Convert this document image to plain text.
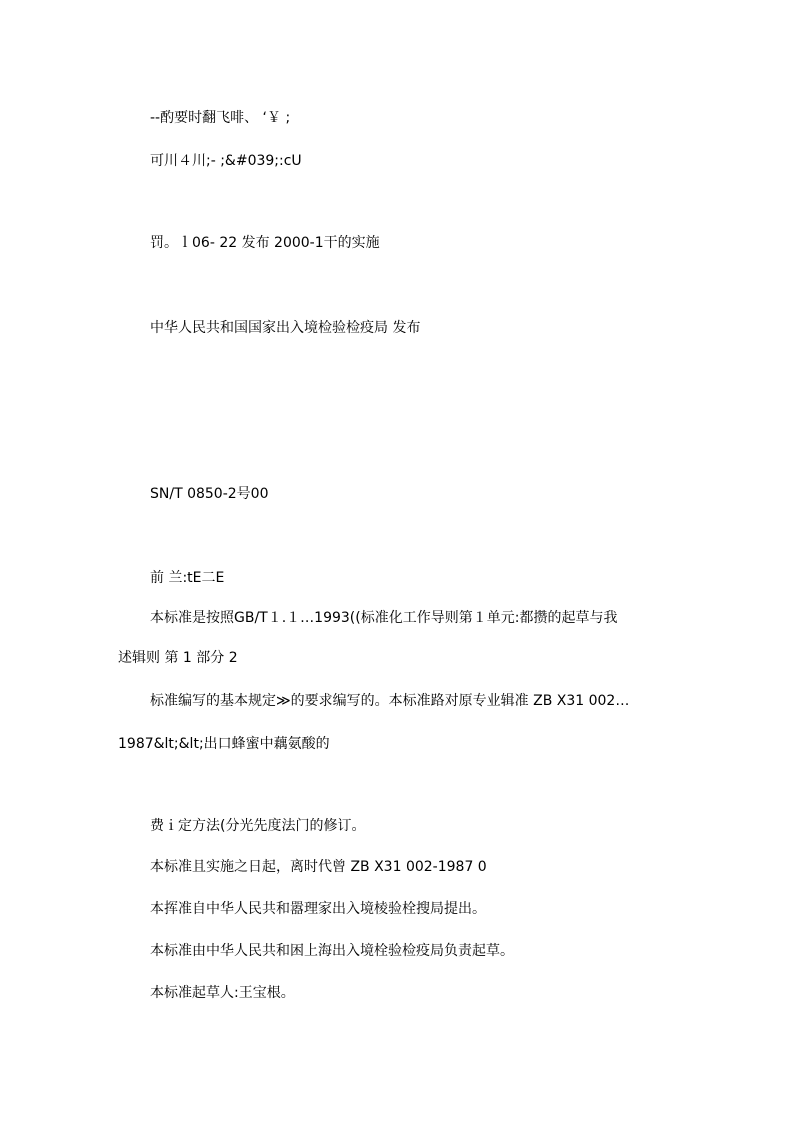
--酌要时翻飞啡、 ‘￥ ;

可川４川;- ;&#039;:cU

罚。ｌ06- 22 发布 2000-1干的实施

中华人民共和国国家出入境检验检疫局 发布

SN/T 0850-2号00

前 兰:tE二E

本标准是按照GB/T１.１…1993((标准化工作导则第１单元:都攒的起草与我

述辑则 第 1 部分 2

标准编写的基本规定≫的要求编写的。本标准路对原专业辑准 ZB X31 002…

1987&lt;&lt;出口蜂蜜中藕氨酸的

费ｉ定方法(分光先度法门的修订。

本标准且实施之日起，离时代曾 ZB X31 002-1987 0

本挥准自中华人民共和嚣理家出入境棱验栓搜局提出。

本标准由中华人民共和困上海出入境栓验检疫局负责起草。

本标准起草人:王宝根。
